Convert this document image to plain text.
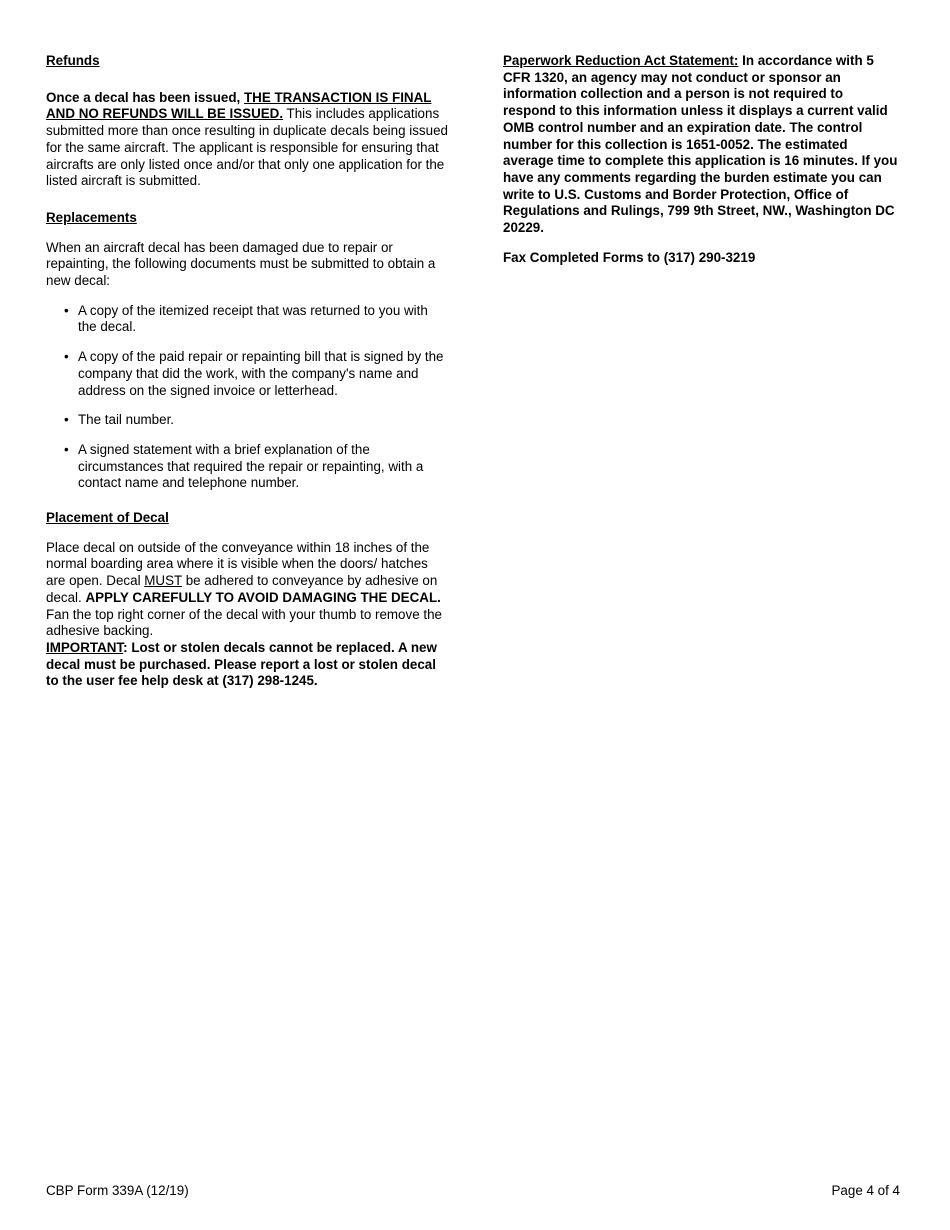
Refunds

Once a decal has been issued, THE TRANSACTION IS FINAL AND NO REFUNDS WILL BE ISSUED. This includes applications submitted more than once resulting in duplicate decals being issued for the same aircraft. The applicant is responsible for ensuring that aircrafts are only listed once and/or that only one application for the listed aircraft is submitted.

Replacements

When an aircraft decal has been damaged due to repair or repainting, the following documents must be submitted to obtain a new decal:

• A copy of the itemized receipt that was returned to you with the decal.
• A copy of the paid repair or repainting bill that is signed by the company that did the work, with the company's name and address on the signed invoice or letterhead.
• The tail number.
• A signed statement with a brief explanation of the circumstances that required the repair or repainting, with a contact name and telephone number.
Placement of Decal

Place decal on outside of the conveyance within 18 inches of the normal boarding area where it is visible when the doors/ hatches are open. Decal MUST be adhered to conveyance by adhesive on decal. APPLY CAREFULLY TO AVOID DAMAGING THE DECAL. Fan the top right corner of the decal with your thumb to remove the adhesive backing.
IMPORTANT: Lost or stolen decals cannot be replaced. A new decal must be purchased. Please report a lost or stolen decal to the user fee help desk at (317) 298-1245.

Paperwork Reduction Act Statement: In accordance with 5 CFR 1320, an agency may not conduct or sponsor an information collection and a person is not required to respond to this information unless it displays a current valid OMB control number and an expiration date. The control number for this collection is 1651-0052. The estimated average time to complete this application is 16 minutes. If you have any comments regarding the burden estimate you can write to U.S. Customs and Border Protection, Office of Regulations and Rulings, 799 9th Street, NW., Washington DC 20229.

Fax Completed Forms to (317) 290-3219

CBP Form 339A (12/19)	Page 4 of 4
